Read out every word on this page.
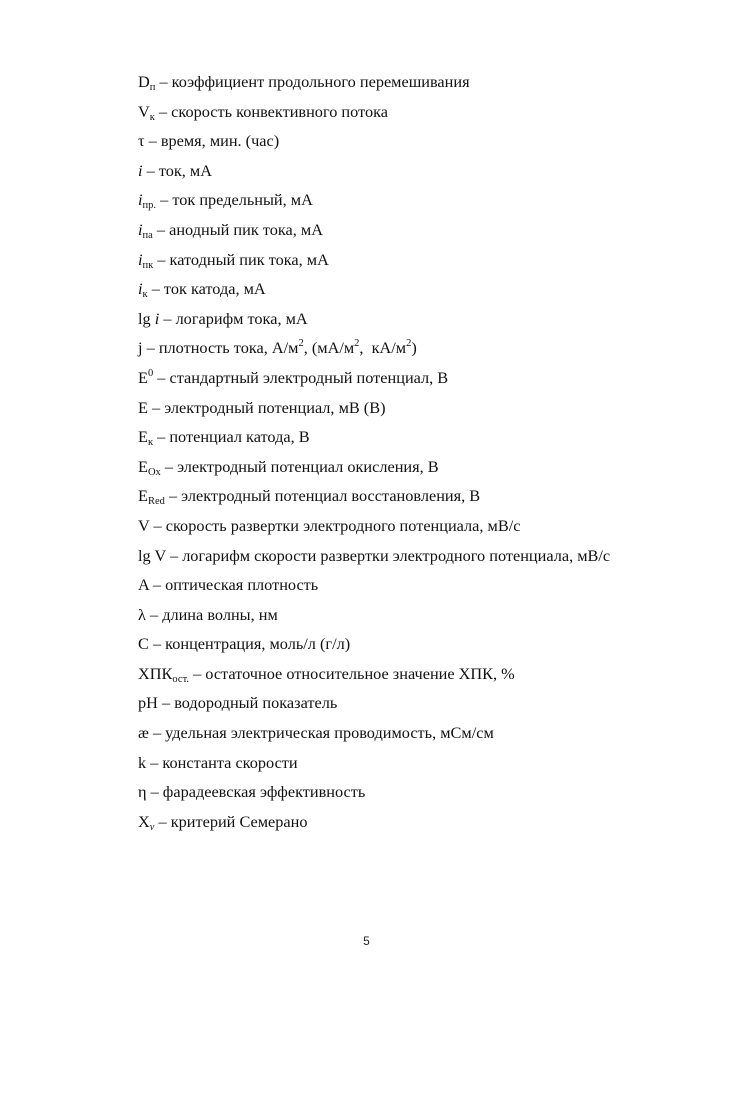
$D_п$ – коэффициент продольного перемешивания
$V_к$ – скорость конвективного потока
τ – время, мин. (час)
i – ток, мА
$i_{пр.}$ – ток предельный, мА
$i_{па}$ – анодный пик тока, мА
$i_{пк}$ – катодный пик тока, мА
$i_к$ – ток катода, мА
lg i – логарифм тока, мА
j – плотность тока, $А/м^2$, ($мА/м^2$,  $кА/м^2$)
$E^0$ – стандартный электродный потенциал, В
E – электродный потенциал, мВ (В)
$E_к$ – потенциал катода, В
$E_{Ox}$ – электродный потенциал окисления, В
$E_{Red}$ – электродный потенциал восстановления, В
V – скорость развертки электродного потенциала, мВ/с
lg V – логарифм скорости развертки электродного потенциала, мВ/с
A – оптическая плотность
λ – длина волны, нм
C – концентрация, моль/л (г/л)
$ХПК_{ост.}$ – остаточное относительное значение ХПК, %
pH – водородный показатель
æ – удельная электрическая проводимость, мСм/см
k – константа скорости
η – фарадеевская эффективность
$X_\nu$ – критерий Семерано
5
